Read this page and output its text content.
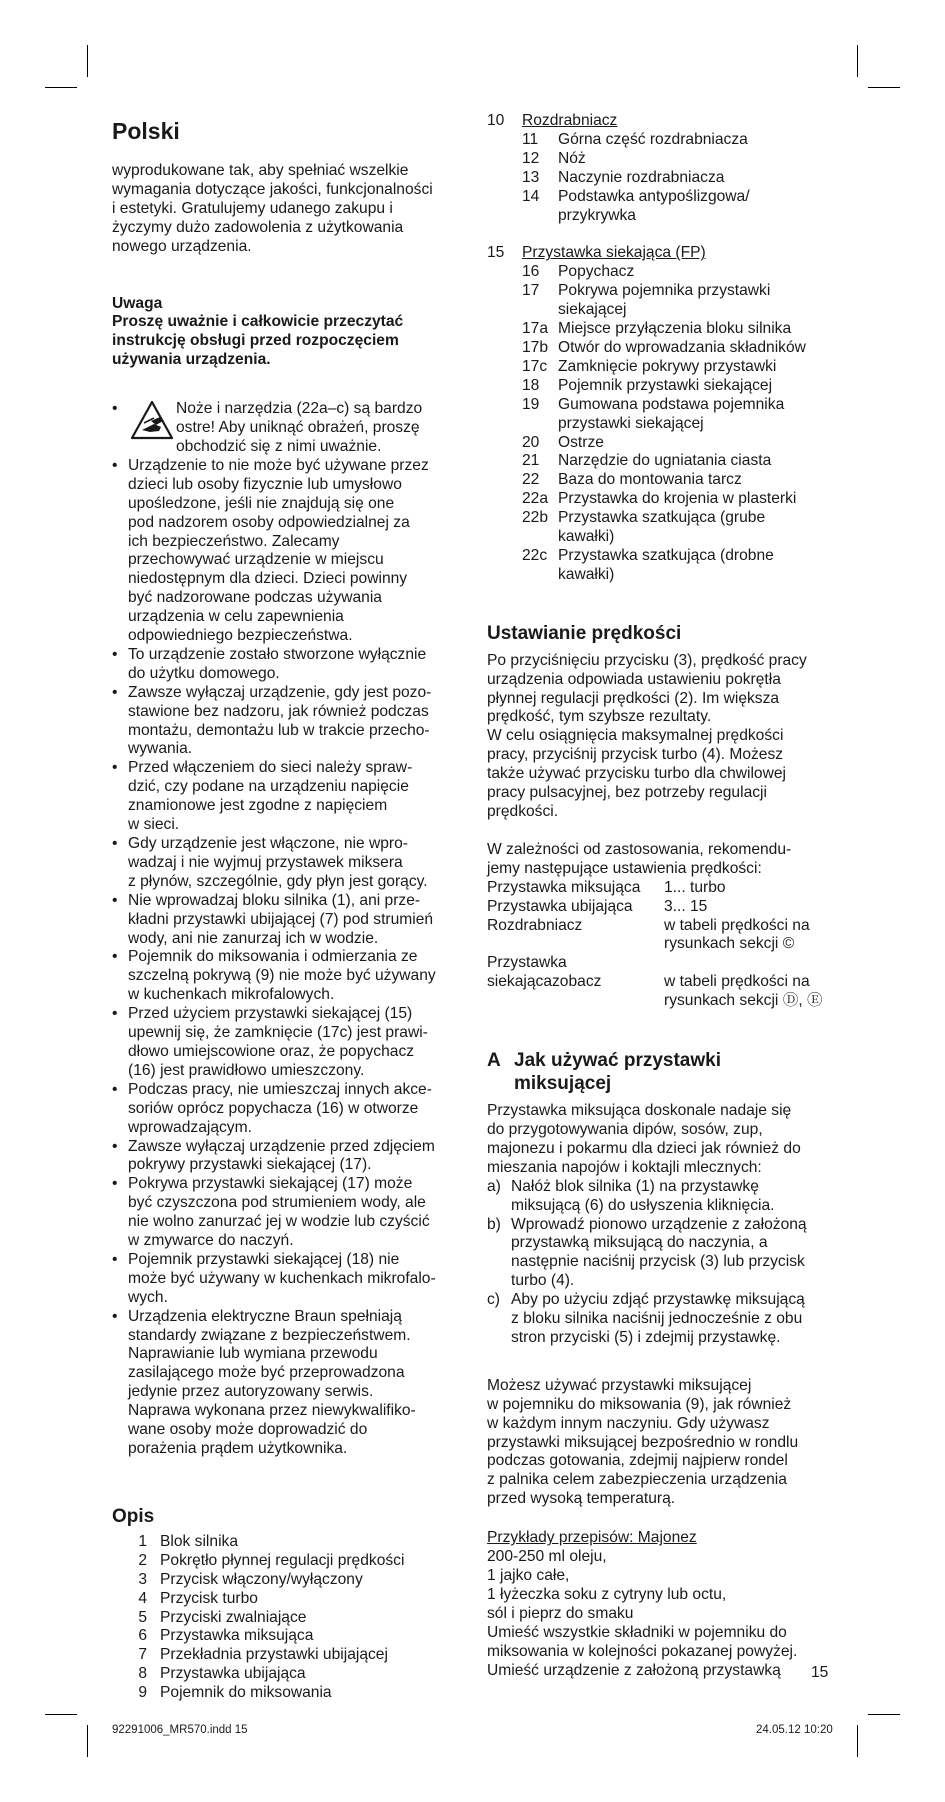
Polski
wyprodukowane tak, aby spełniać wszelkie
wymagania dotyczące jakości, funkcjonalności
i estetyki. Gratulujemy udanego zakupu i
życzymy dużo zadowolenia z użytkowania
nowego urządzenia.
Uwaga
Proszę uważnie i całkowicie przeczytać
instrukcję obsługi przed rozpoczęciem
używania urządzenia.
•	Noże i narzędzia (22a–c) są bardzo
ostre! Aby uniknąć obrażeń, proszę
obchodzić się z nimi uważnie.
• Urządzenie to nie może być używane przez
dzieci lub osoby fizycznie lub umysłowo
upośledzone, jeśli nie znajdują się one
pod nadzorem osoby odpowiedzialnej za
ich bezpieczeństwo. Zalecamy
przechowywać urządzenie w miejscu
niedostępnym dla dzieci. Dzieci powinny
być nadzorowane podczas używania
urządzenia w celu zapewnienia
odpowiedniego bezpieczeństwa.
• To urządzenie zostało stworzone wyłącznie
do użytku domowego.
• Zawsze wyłączaj urządzenie, gdy jest pozo-
stawione bez nadzoru, jak również podczas
montażu, demontażu lub w trakcie przecho-
wywania.
• Przed włączeniem do sieci należy spraw-
dzić, czy podane na urządzeniu napięcie
znamionowe jest zgodne z napięciem
w sieci.
• Gdy urządzenie jest włączone, nie wpro-
wadzaj i nie wyjmuj przystawek miksera
z płynów, szczególnie, gdy płyn jest gorący.
• Nie wprowadzaj bloku silnika (1), ani prze-
kładni przystawki ubijającej (7) pod strumień
wody, ani nie zanurzaj ich w wodzie.
• Pojemnik do miksowania i odmierzania ze
szczelną pokrywą (9) nie może być używany
w kuchenkach mikrofalowych.
• Przed użyciem przystawki siekającej (15)
upewnij się, że zamknięcie (17c) jest prawi-
dłowo umiejscowione oraz, że popychacz
(16) jest prawidłowo umieszczony.
• Podczas pracy, nie umieszczaj innych akce-
soriów oprócz popychacza (16) w otworze
wprowadzającym.
• Zawsze wyłączaj urządzenie przed zdjęciem
pokrywy przystawki siekającej (17).
• Pokrywa przystawki siekającej (17) może
być czyszczona pod strumieniem wody, ale
nie wolno zanurzać jej w wodzie lub czyścić
w zmywarce do naczyń.
• Pojemnik przystawki siekającej (18) nie
może być używany w kuchenkach mikrofalo-
wych.
• Urządzenia elektryczne Braun spełniają
standardy związane z bezpieczeństwem.
Naprawianie lub wymiana przewodu
zasilającego może być przeprowadzona
jedynie przez autoryzowany serwis.
Naprawa wykonana przez niewykwalifiko-
wane osoby może doprowadzić do
porażenia prądem użytkownika.
Opis
1 Blok silnika
2 Pokrętło płynnej regulacji prędkości
3 Przycisk włączony/wyłączony
4 Przycisk turbo
5 Przyciski zwalniające
6 Przystawka miksująca
7 Przekładnia przystawki ubijającej
8 Przystawka ubijająca
9 Pojemnik do miksowania
10	Rozdrabniacz
11	Górna część rozdrabniacza
12	Nóż
13	Naczynie rozdrabniacza
14	Podstawka antypoślizgowa/
przykrywka
15	Przystawka siekająca (FP)
16	Popychacz
17	Pokrywa pojemnika przystawki
siekającej
17a Miejsce przyłączenia bloku silnika
17b Otwór do wprowadzania składników
17c Zamknięcie pokrywy przystawki
18	Pojemnik przystawki siekającej
19	Gumowana podstawa pojemnika
przystawki siekającej
20	Ostrze
21	Narzędzie do ugniatania ciasta
22	Baza do montowania tarcz
22a Przystawka do krojenia w plasterki
22b Przystawka szatkująca (grube
kawałki)
22c Przystawka szatkująca (drobne
kawałki)
Ustawianie prędkości
Po przyciśnięciu przycisku (3), prędkość pracy
urządzenia odpowiada ustawieniu pokrętła
płynnej regulacji prędkości (2). Im większa
prędkość, tym szybsze rezultaty.
W celu osiągnięcia maksymalnej prędkości
pracy, przyciśnij przycisk turbo (4). Możesz
także używać przycisku turbo dla chwilowej
pracy pulsacyjnej, bez potrzeby regulacji
prędkości.
W zależności od zastosowania, rekomendu-
jemy następujące ustawienia prędkości:
Przystawka miksująca	1... turbo
Przystawka ubijająca	3... 15
Rozdrabniacz	w tabeli prędkości na
rysunkach sekcji ©
Przystawka
siekającazobacz
	w tabeli prędkości na
rysunkach sekcji Ⓓ, Ⓔ
A Jak używać przystawki
miksującej
Przystawka miksująca doskonale nadaje się
do przygotowywania dipów, sosów, zup,
majonezu i pokarmu dla dzieci jak również do
mieszania napojów i koktajli mlecznych:
a) Nałóż blok silnika (1) na przystawkę
miksującą (6) do usłyszenia kliknięcia.
b) Wprowadź pionowo urządzenie z założoną
przystawką miksującą do naczynia, a
następnie naciśnij przycisk (3) lub przycisk
turbo (4).
c) Aby po użyciu zdjąć przystawkę miksującą
z bloku silnika naciśnij jednocześnie z obu
stron przyciski (5) i zdejmij przystawkę.
Możesz używać przystawki miksującej
w pojemniku do miksowania (9), jak również
w każdym innym naczyniu. Gdy używasz
przystawki miksującej bezpośrednio w rondlu
podczas gotowania, zdejmij najpierw rondel
z palnika celem zabezpieczenia urządzenia
przed wysoką temperaturą.
Przykłady przepisów: Majonez
200-250 ml oleju,
1 jajko całe,
1 łyżeczka soku z cytryny lub octu,
sól i pieprz do smaku
Umieść wszystkie składniki w pojemniku do
miksowania w kolejności pokazanej powyżej.
Umieść urządzenie z założoną przystawką	15
92291006_MR570.indd 15	24.05.12 10:20
